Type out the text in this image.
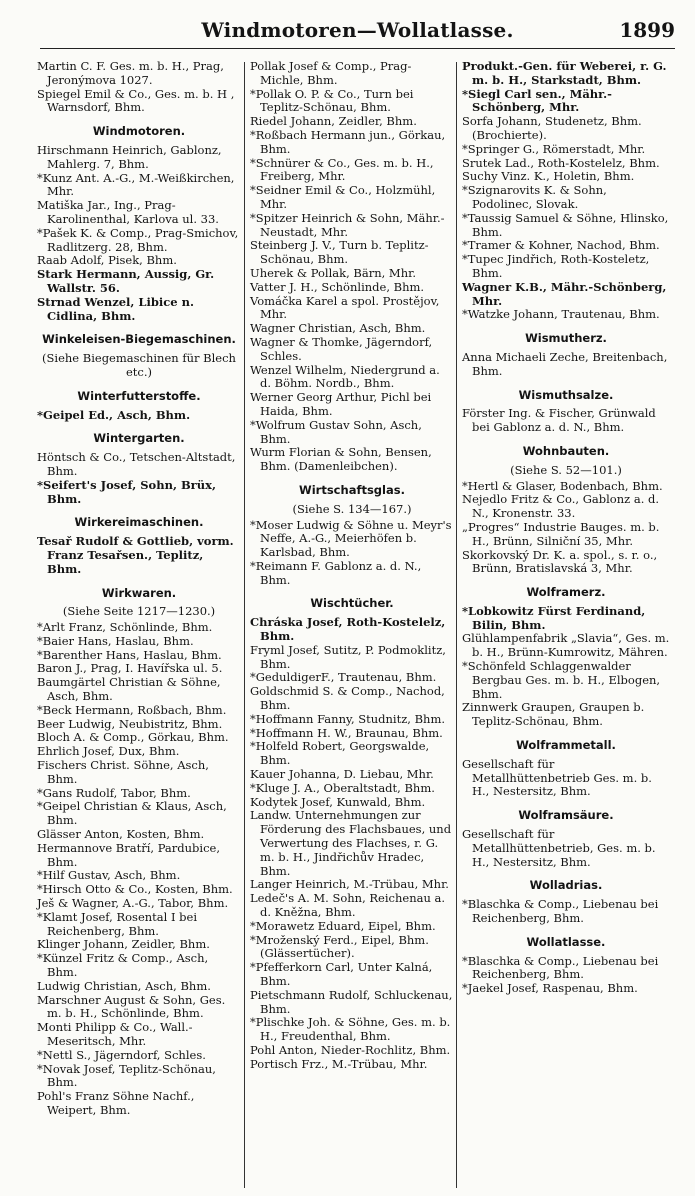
Windmotoren—Wollatlasse.	1899
Martin C. F. Ges. m. b. H., Prag, Jeronýmova 1027.
Spiegel Emil & Co., Ges. m. b. H , Warnsdorf, Bhm.
Windmotoren.
Hirschmann Heinrich, Gablonz, Mahlerg. 7, Bhm.
*Kunz Ant. A.-G., M.-Weißkirchen, Mhr.
Matiška Jar., Ing., Prag-Karolinenthal, Karlova ul. 33.
*Pašek K. & Comp., Prag-Smichov, Radlitzerg. 28, Bhm.
Raab Adolf, Pisek, Bhm.
Stark Hermann, Aussig, Gr. Wallstr. 56.
Strnad Wenzel, Libice n. Cidlina, Bhm.
Winkeleisen-Biegemaschinen.
(Siehe Biegemaschinen für Blech etc.)
Winterfutterstoffe.
*Geipel Ed., Asch, Bhm.
Wintergarten.
Höntsch & Co., Tetschen-Altstadt, Bhm.
*Seifert's Josef, Sohn, Brüx, Bhm.
Wirkereimaschinen.
Tesař Rudolf & Gottlieb, vorm. Franz Tesařsen., Teplitz, Bhm.
Wirkwaren.
(Siehe Seite 1217—1230.)
*Arlt Franz, Schönlinde, Bhm.
*Baier Hans, Haslau, Bhm.
*Barenther Hans, Haslau, Bhm.
Baron J., Prag, I. Havířska ul. 5.
Baumgärtel Christian & Söhne, Asch, Bhm.
*Beck Hermann, Roßbach, Bhm.
Beer Ludwig, Neubistritz, Bhm.
Bloch A. & Comp., Görkau, Bhm.
Ehrlich Josef, Dux, Bhm.
Fischers Christ. Söhne, Asch, Bhm.
*Gans Rudolf, Tabor, Bhm.
*Geipel Christian & Klaus, Asch, Bhm.
Glässer Anton, Kosten, Bhm.
Hermannove Bratří, Pardubice, Bhm.
*Hilf Gustav, Asch, Bhm.
*Hirsch Otto & Co., Kosten, Bhm.
Ješ & Wagner, A.-G., Tabor, Bhm.
*Klamt Josef, Rosental I bei Reichenberg, Bhm.
Klinger Johann, Zeidler, Bhm.
*Künzel Fritz & Comp., Asch, Bhm.
Ludwig Christian, Asch, Bhm.
Marschner August & Sohn, Ges. m. b. H., Schönlinde, Bhm.
Monti Philipp & Co., Wall.-Meseritsch, Mhr.
*Nettl S., Jägerndorf, Schles.
*Novak Josef, Teplitz-Schönau, Bhm.
Pohl's Franz Söhne Nachf., Weipert, Bhm.
Pollak Josef & Comp., Prag-Michle, Bhm.
*Pollak O. P. & Co., Turn bei Teplitz-Schönau, Bhm.
Riedel Johann, Zeidler, Bhm.
*Roßbach Hermann jun., Görkau, Bhm.
*Schnürer & Co., Ges. m. b. H., Freiberg, Mhr.
*Seidner Emil & Co., Holzmühl, Mhr.
*Spitzer Heinrich & Sohn, Mähr.-Neustadt, Mhr.
Steinberg J. V., Turn b. Teplitz-Schönau, Bhm.
Uherek & Pollak, Bärn, Mhr.
Vatter J. H., Schönlinde, Bhm.
Vomáčka Karel a spol. Prostějov, Mhr.
Wagner Christian, Asch, Bhm.
Wagner & Thomke, Jägerndorf, Schles.
Wenzel Wilhelm, Niedergrund a. d. Böhm. Nordb., Bhm.
Werner Georg Arthur, Pichl bei Haida, Bhm.
*Wolfrum Gustav Sohn, Asch, Bhm.
Wurm Florian & Sohn, Bensen, Bhm. (Damenleibchen).
Wirtschaftsglas.
(Siehe S. 134—167.)
*Moser Ludwig & Söhne u. Meyr's Neffe, A.-G., Meierhöfen b. Karlsbad, Bhm.
*Reimann F. Gablonz a. d. N., Bhm.
Wischtücher.
Chráska Josef, Roth-Kostelelz, Bhm.
Fryml Josef, Sutitz, P. Podmoklitz, Bhm.
*GeduldigerF., Trautenau, Bhm.
Goldschmid S. & Comp., Nachod, Bhm.
*Hoffmann Fanny, Studnitz, Bhm.
*Hoffmann H. W., Braunau, Bhm.
*Holfeld Robert, Georgswalde, Bhm.
Kauer Johanna, D. Liebau, Mhr.
*Kluge J. A., Oberaltstadt, Bhm.
Kodytek Josef, Kunwald, Bhm.
Landw. Unternehmungen zur Förderung des Flachsbaues, und Verwertung des Flachses, r. G. m. b. H., Jindřichův Hradec, Bhm.
Langer Heinrich, M.-Trübau, Mhr.
Ledeč's A. M. Sohn, Reichenau a. d. Kněžna, Bhm.
*Morawetz Eduard, Eipel, Bhm.
*Mroženský Ferd., Eipel, Bhm. (Glässertücher).
*Pfefferkorn Carl, Unter Kalná, Bhm.
Pietschmann Rudolf, Schluckenau, Bhm.
*Plischke Joh. & Söhne, Ges. m. b. H., Freudenthal, Bhm.
Pohl Anton, Nieder-Rochlitz, Bhm.
Portisch Frz., M.-Trübau, Mhr.
Produkt.-Gen. für Weberei, r. G. m. b. H., Starkstadt, Bhm.
*Siegl Carl sen., Mähr.-Schönberg, Mhr.
Sorfa Johann, Studenetz, Bhm. (Brochierte).
*Springer G., Römerstadt, Mhr.
Srutek Lad., Roth-Kostelelz, Bhm.
Suchy Vinz. K., Holetin, Bhm.
*Szignarovits K. & Sohn, Podolinec, Slovak.
*Taussig Samuel & Söhne, Hlinsko, Bhm.
*Tramer & Kohner, Nachod, Bhm.
*Tupec Jindřich, Roth-Kosteletz, Bhm.
Wagner K.B., Mähr.-Schönberg, Mhr.
*Watzke Johann, Trautenau, Bhm.
Wismutherz.
Anna Michaeli Zeche, Breitenbach, Bhm.
Wismuthsalze.
Förster Ing. & Fischer, Grünwald bei Gablonz a. d. N., Bhm.
Wohnbauten.
(Siehe S. 52—101.)
*Hertl & Glaser, Bodenbach, Bhm.
Nejedlo Fritz & Co., Gablonz a. d. N., Kronenstr. 33.
„Progres“ Industrie Bauges. m. b. H., Brünn, Silniční 35, Mhr.
Skorkovský Dr. K. a. spol., s. r. o., Brünn, Bratislavská 3, Mhr.
Wolframerz.
*Lobkowitz Fürst Ferdinand, Bilin, Bhm.
Glühlampenfabrik „Slavia“, Ges. m. b. H., Brünn-Kumrowitz, Mähren.
*Schönfeld Schlaggenwalder Bergbau Ges. m. b. H., Elbogen, Bhm.
Zinnwerk Graupen, Graupen b. Teplitz-Schönau, Bhm.
Wolframmetall.
Gesellschaft für Metallhüttenbetrieb Ges. m. b. H., Nestersitz, Bhm.
Wolframsäure.
Gesellschaft für Metallhüttenbetrieb, Ges. m. b. H., Nestersitz, Bhm.
Wolladrias.
*Blaschka & Comp., Liebenau bei Reichenberg, Bhm.
Wollatlasse.
*Blaschka & Comp., Liebenau bei Reichenberg, Bhm.
*Jaekel Josef, Raspenau, Bhm.
